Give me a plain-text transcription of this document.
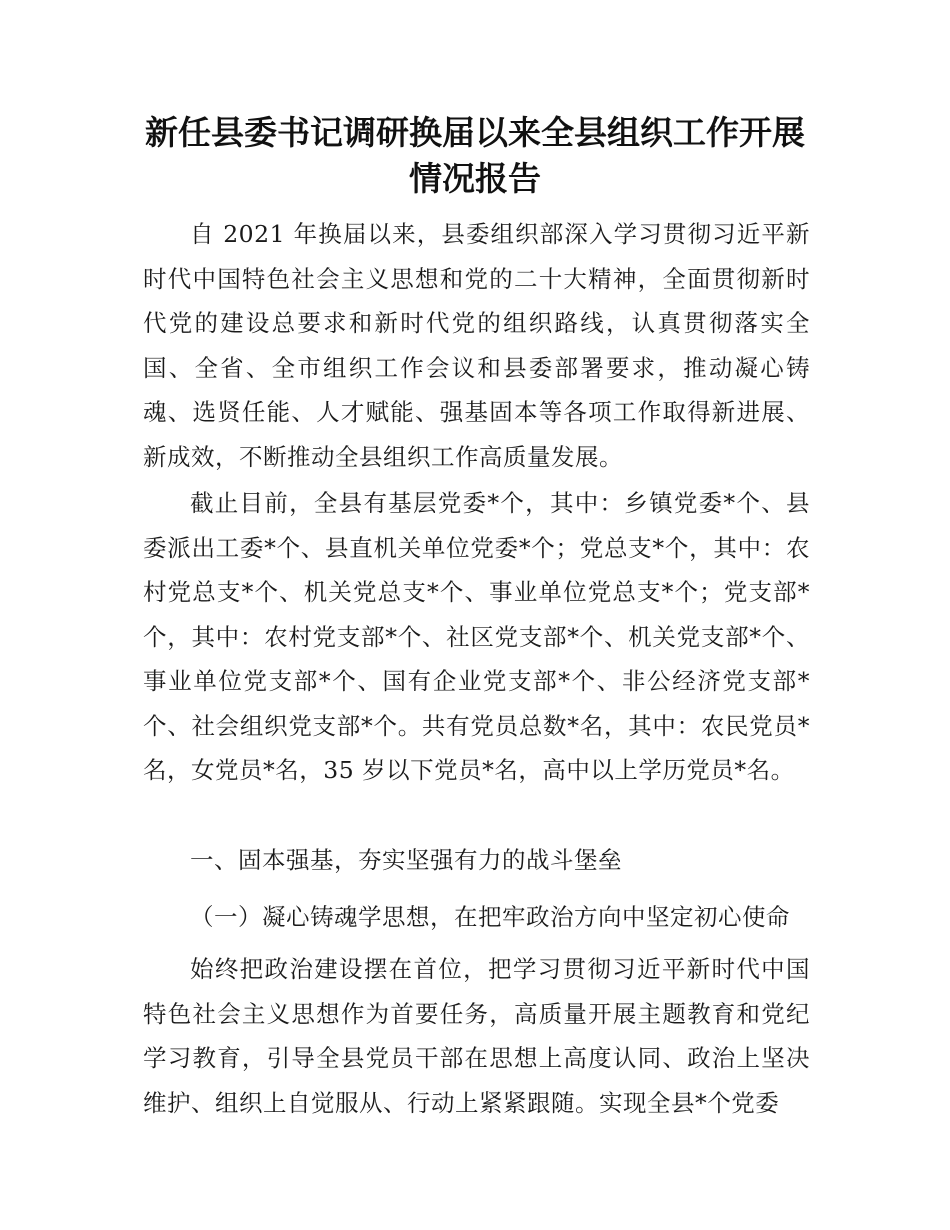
新任县委书记调研换届以来全县组织工作开展
情况报告

自 2021 年换届以来，县委组织部深入学习贯彻习近平新时代中国特色社会主义思想和党的二十大精神，全面贯彻新时代党的建设总要求和新时代党的组织路线，认真贯彻落实全国、全省、全市组织工作会议和县委部署要求，推动凝心铸魂、选贤任能、人才赋能、强基固本等各项工作取得新进展、新成效，不断推动全县组织工作高质量发展。

截止目前，全县有基层党委*个，其中：乡镇党委*个、县委派出工委*个、县直机关单位党委*个；党总支*个，其中：农村党总支*个、机关党总支*个、事业单位党总支*个；党支部*个，其中：农村党支部*个、社区党支部*个、机关党支部*个、事业单位党支部*个、国有企业党支部*个、非公经济党支部*个、社会组织党支部*个。共有党员总数*名，其中：农民党员*名，女党员*名，35 岁以下党员*名，高中以上学历党员*名。

一、固本强基，夯实坚强有力的战斗堡垒

（一）凝心铸魂学思想，在把牢政治方向中坚定初心使命

始终把政治建设摆在首位，把学习贯彻习近平新时代中国特色社会主义思想作为首要任务，高质量开展主题教育和党纪学习教育，引导全县党员干部在思想上高度认同、政治上坚决维护、组织上自觉服从、行动上紧紧跟随。实现全县*个党委
